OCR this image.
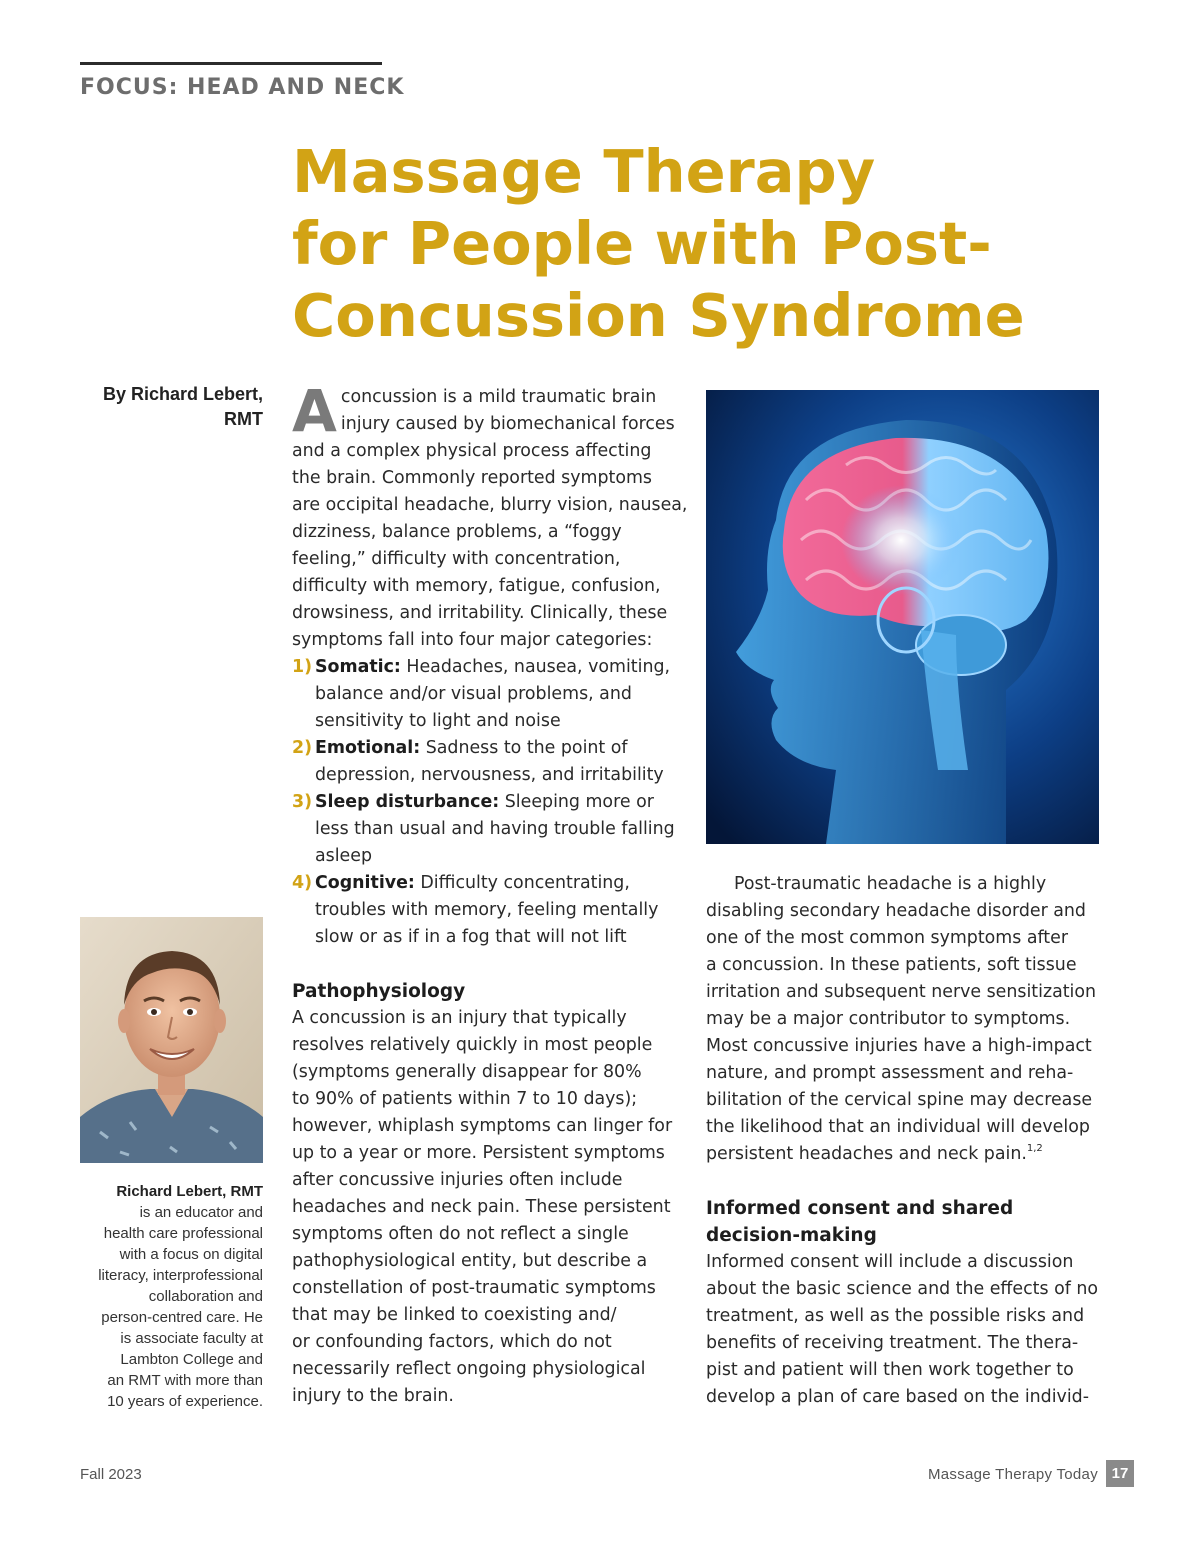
FOCUS: HEAD AND NECK
Massage Therapy
for People with Post-
Concussion Syndrome
By Richard Lebert,
RMT
Richard Lebert, RMT
is an educator and
health care professional
with a focus on digital
literacy, interprofessional
collaboration and
person-centred care. He
is associate faculty at
Lambton College and
an RMT with more than
10 years of experience.
A concussion is a mild traumatic brain
injury caused by biomechanical forces
and a complex physical process affecting
the brain. Commonly reported symptoms
are occipital headache, blurry vision, nausea,
dizziness, balance problems, a “foggy
feeling,” difficulty with concentration,
difficulty with memory, fatigue, confusion,
drowsiness, and irritability. Clinically, these
symptoms fall into four major categories:
1) Somatic: Headaches, nausea, vomiting,
balance and/or visual problems, and
sensitivity to light and noise
2) Emotional: Sadness to the point of
depression, nervousness, and irritability
3) Sleep disturbance: Sleeping more or
less than usual and having trouble falling
asleep
4) Cognitive: Difficulty concentrating,
troubles with memory, feeling mentally
slow or as if in a fog that will not lift
Pathophysiology
A concussion is an injury that typically
resolves relatively quickly in most people
(symptoms generally disappear for 80%
to 90% of patients within 7 to 10 days);
however, whiplash symptoms can linger for
up to a year or more. Persistent symptoms
after concussive injuries often include
headaches and neck pain. These persistent
symptoms often do not reflect a single
pathophysiological entity, but describe a
constellation of post-traumatic symptoms
that may be linked to coexisting and/
or confounding factors, which do not
necessarily reflect ongoing physiological
injury to the brain.
Post-traumatic headache is a highly
disabling secondary headache disorder and
one of the most common symptoms after
a concussion. In these patients, soft tissue
irritation and subsequent nerve sensitization
may be a major contributor to symptoms.
Most concussive injuries have a high-impact
nature, and prompt assessment and reha-
bilitation of the cervical spine may decrease
the likelihood that an individual will develop
persistent headaches and neck pain.$^{1,2}$
Informed consent and shared
decision-making
Informed consent will include a discussion
about the basic science and the effects of no
treatment, as well as the possible risks and
benefits of receiving treatment. The thera-
pist and patient will then work together to
develop a plan of care based on the individ-
Fall 2023	Massage Therapy Today 17
